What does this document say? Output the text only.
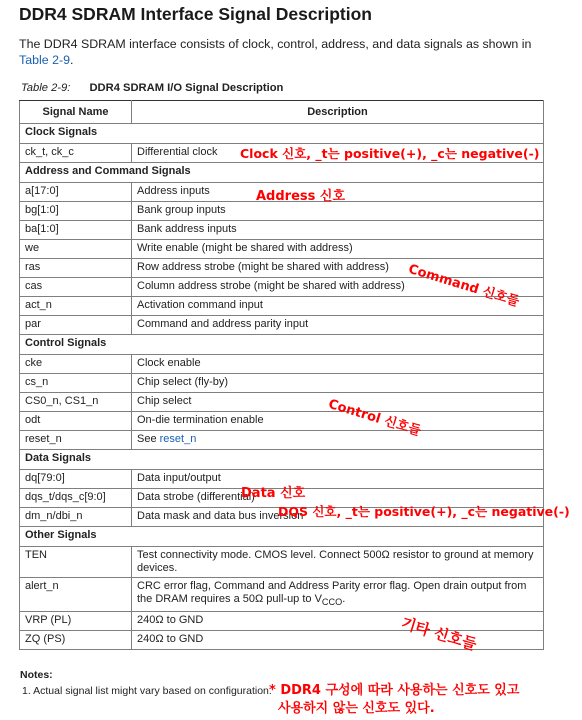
DDR4 SDRAM Interface Signal Description
The DDR4 SDRAM interface consists of clock, control, address, and data signals as shown in Table 2-9.
Table 2-9: DDR4 SDRAM I/O Signal Description
Signal Name	Description
Clock Signals	
ck_t, ck_c	Differential clock
Address and Command Signals	
a[17:0]	Address inputs
bg[1:0]	Bank group inputs
ba[1:0]	Bank address inputs
we	Write enable (might be shared with address)
ras	Row address strobe (might be shared with address)
cas	Column address strobe (might be shared with address)
act_n	Activation command input
par	Command and address parity input
Control Signals	
cke	Clock enable
cs_n	Chip select (fly-by)
CS0_n, CS1_n	Chip select
odt	On-die termination enable
reset_n	See reset_n
Data Signals	
dq[79:0]	Data input/output
dqs_t/dqs_c[9:0]	Data strobe (differential)
dm_n/dbi_n	Data mask and data bus inversion
Other Signals	
TEN	Test connectivity mode. CMOS level. Connect 500Ω resistor to ground at memory devices.
alert_n	CRC error flag, Command and Address Parity error flag. Open drain output from the DRAM requires a 50Ω pull-up to $V_{CCO}$.
VRP (PL)	240Ω to GND
ZQ (PS)	240Ω to GND
Notes:
1. Actual signal list might vary based on configuration.
Clock 신호, _t는 positive(+), _c는 negative(-)
Address 신호
Command 신호들
Control 신호들
Data 신호
DQS 신호, _t는 positive(+), _c는 negative(-)
기타 신호들
* DDR4 구성에 따라 사용하는 신호도 있고
사용하지 않는 신호도 있다.
